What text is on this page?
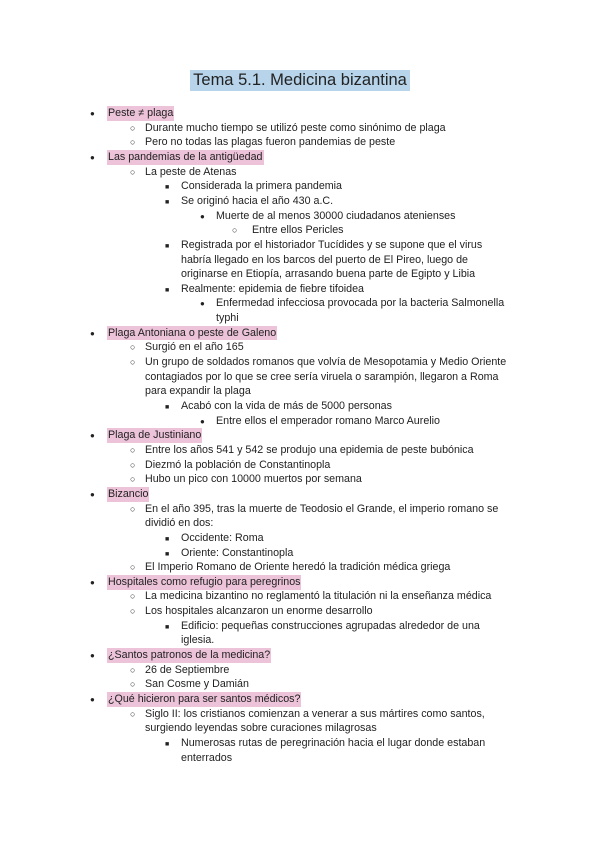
Tema 5.1. Medicina bizantina
●
Peste ≠ plaga
○
Durante mucho tiempo se utilizó peste como sinónimo de plaga
○
Pero no todas las plagas fueron pandemias de peste
●
Las pandemias de la antigüedad
○
La peste de Atenas
■
Considerada la primera pandemia
■
Se originó hacia el año 430 a.C.
●
Muerte de al menos 30000 ciudadanos atenienses
○
Entre ellos Pericles
■
Registrada por el historiador Tucídides y se supone que el virus
habría llegado en los barcos del puerto de El Pireo, luego de
originarse en Etiopía, arrasando buena parte de Egipto y Libia
■
Realmente: epidemia de fiebre tifoidea
●
Enfermedad infecciosa provocada por la bacteria Salmonella
typhi
●
Plaga Antoniana o peste de Galeno
○
Surgió en el año 165
○
Un grupo de soldados romanos que volvía de Mesopotamia y Medio Oriente
contagiados por lo que se cree sería viruela o sarampión, llegaron a Roma
para expandir la plaga
■
Acabó con la vida de más de 5000 personas
●
Entre ellos el emperador romano Marco Aurelio
●
Plaga de Justiniano
○
Entre los años 541 y 542 se produjo una epidemia de peste bubónica
○
Diezmó la población de Constantinopla
○
Hubo un pico con 10000 muertos por semana
●
Bizancio
○
En el año 395, tras la muerte de Teodosio el Grande, el imperio romano se
dividió en dos:
■
Occidente: Roma
■
Oriente: Constantinopla
○
El Imperio Romano de Oriente heredó la tradición médica griega
●
Hospitales como refugio para peregrinos
○
La medicina bizantino no reglamentó la titulación ni la enseñanza médica
○
Los hospitales alcanzaron un enorme desarrollo
■
Edificio: pequeñas construcciones agrupadas alrededor de una
iglesia.
●
¿Santos patronos de la medicina?
○
26 de Septiembre
○
San Cosme y Damián
●
¿Qué hicieron para ser santos médicos?
○
Siglo II: los cristianos comienzan a venerar a sus mártires como santos,
surgiendo leyendas sobre curaciones milagrosas
■
Numerosas rutas de peregrinación hacia el lugar donde estaban
enterrados
